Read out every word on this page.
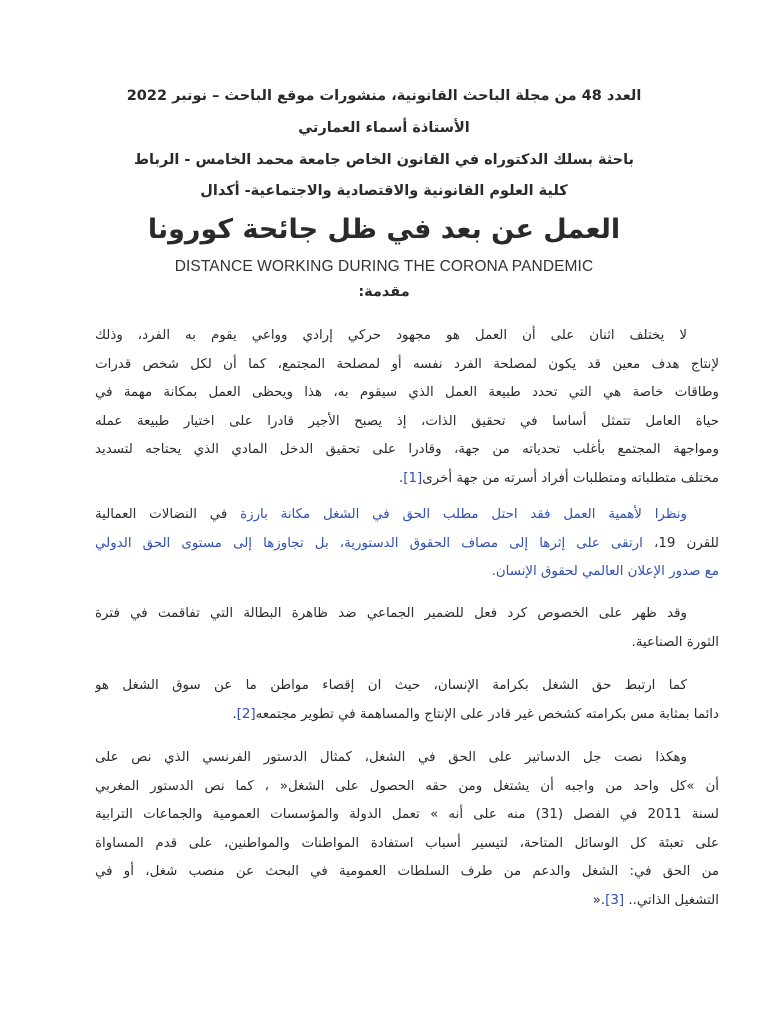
العدد 48 من مجلة الباحث القانونية، منشورات موقع الباحث – نونبر 2022
الأستاذة أسماء العمارتي
باحثة بسلك الدكتوراه في القانون الخاص جامعة محمد الخامس - الرباط
كلية العلوم القانونية والاقتصادية والاجتماعية- أكدال
العمل عن بعد في ظل جائحة كورونا
DISTANCE WORKING DURING THE CORONA PANDEMIC
مقدمة:
لا يختلف اثنان على أن العمل هو مجهود حركي إرادي وواعي يقوم به الفرد، وذلك
لإنتاج هدف معين قد يكون لمصلحة الفرد نفسه أو لمصلحة المجتمع، كما أن لكل شخص قدرات
وطاقات خاصة هي التي تحدد طبيعة العمل الذي سيقوم به، هذا ويحظى العمل بمكانة مهمة في
حياة العامل تتمثل أساسا في تحقيق الذات، إذ يصبح الأجير قادرا على اختيار طبيعة عمله
ومواجهة المجتمع بأغلب تحدياته من جهة، وقادرا على تحقيق الدخل المادي الذي يحتاجه لتسديد
مختلف متطلباته ومتطلبات أفراد أسرته من جهة أخرى[1].
ونظرا لأهمية العمل فقد احتل مطلب الحق في الشغل مكانة بارزة في النضالات العمالية
للقرن 19، ارتقى على إثرها إلى مصاف الحقوق الدستورية، بل تجاوزها إلى مستوى الحق الدولي
مع صدور الإعلان العالمي لحقوق الإنسان.
وقد ظهر على الخصوص كرد فعل للضمير الجماعي ضد ظاهرة البطالة التي تفاقمت في فترة
الثورة الصناعية.
كما ارتبط حق الشغل بكرامة الإنسان، حيث ان إقصاء مواطن ما عن سوق الشغل هو
دائما بمثابة مس بكرامته كشخص غير قادر على الإنتاج والمساهمة في تطوير مجتمعه[2].
وهكذا نصت جل الدساتير على الحق في الشغل، كمثال الدستور الفرنسي الذي نص على
أن »كل واحد من واجبه أن يشتغل ومن حقه الحصول على الشغل« ، كما نص الدستور المغربي
لسنة 2011 في الفصل (31) منه على أنه » تعمل الدولة والمؤسسات العمومية والجماعات الترابية
على تعبئة كل الوسائل المتاحة، لتيسير أسباب استفادة المواطنات والمواطنين، على قدم المساواة
من الحق في: الشغل والدعم من طرف السلطات العمومية في البحث عن منصب شغل، أو في
التشغيل الذاتي.. [3].«
